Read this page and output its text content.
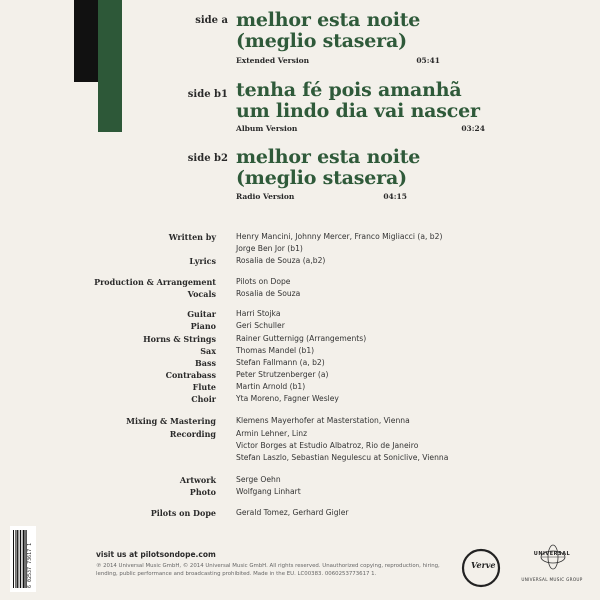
side a melhor esta noite
(meglio stasera)
Extended Version	05:41
side b1 tenha fé pois amanhã
um lindo dia vai nascer
Album Version	03:24
side b2 melhor esta noite
(meglio stasera)
Radio Version	04:15
Written by	Henry Mancini, Johnny Mercer, Franco Migliacci (a, b2)
Jorge Ben Jor (b1)
Lyrics	Rosalia de Souza (a,b2)
Production & Arrangement	Pilots on Dope
Vocals	Rosalia de Souza
Guitar	Harri Stojka
Piano	Geri Schuller
Horns & Strings	Rainer Gutternigg (Arrangements)
Sax	Thomas Mandel (b1)
Bass	Stefan Fallmann (a, b2)
Contrabass	Peter Strutzenberger (a)
Flute	Martin Arnold (b1)
Choir	Yta Moreno, Fagner Wesley
Mixing & Mastering	Klemens Mayerhofer at Masterstation, Vienna
Recording	Armin Lehner, Linz
Victor Borges at Estudio Albatroz, Rio de Janeiro
Stefan Laszlo, Sebastian Negulescu at Soniclive, Vienna
Artwork	Serge Oehn
Photo	Wolfgang Linhart
Pilots on Dope	Gerald Tomez, Gerhard Gigler
visit us at pilotsondope.com
℗ 2014 Universal Music GmbH, © 2014 Universal Music GmbH. All rights reserved. Unauthorized copying, reproduction, hiring, lending, public performance and broadcasting prohibited. Made in the EU. LC00383. 0060253773617 1.
6 02537 73617 1	Verve
UNIVERSAL
UNIVERSAL MUSIC GROUP
